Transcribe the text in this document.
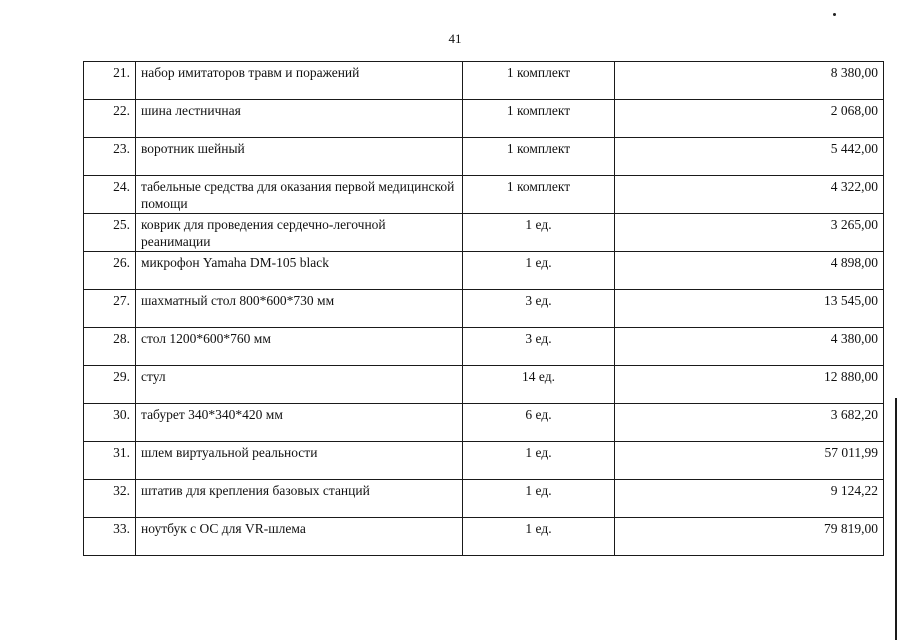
41
21.	набор имитаторов травм и поражений	1 комплект	8 380,00
22.	шина лестничная	1 комплект	2 068,00
23.	воротник шейный	1 комплект	5 442,00
24.	табельные средства для оказания первой медицинской помощи	1 комплект	4 322,00
25.	коврик для проведения сердечно-легочной реанимации	1 ед.	3 265,00
26.	микрофон Yamaha DM-105 black	1 ед.	4 898,00
27.	шахматный стол 800*600*730 мм	3 ед.	13 545,00
28.	стол 1200*600*760 мм	3 ед.	4 380,00
29.	стул	14 ед.	12 880,00
30.	табурет 340*340*420 мм	6 ед.	3 682,20
31.	шлем виртуальной реальности	1 ед.	57 011,99
32.	штатив для крепления базовых станций	1 ед.	9 124,22
33.	ноутбук с ОС для VR-шлема	1 ед.	79 819,00
